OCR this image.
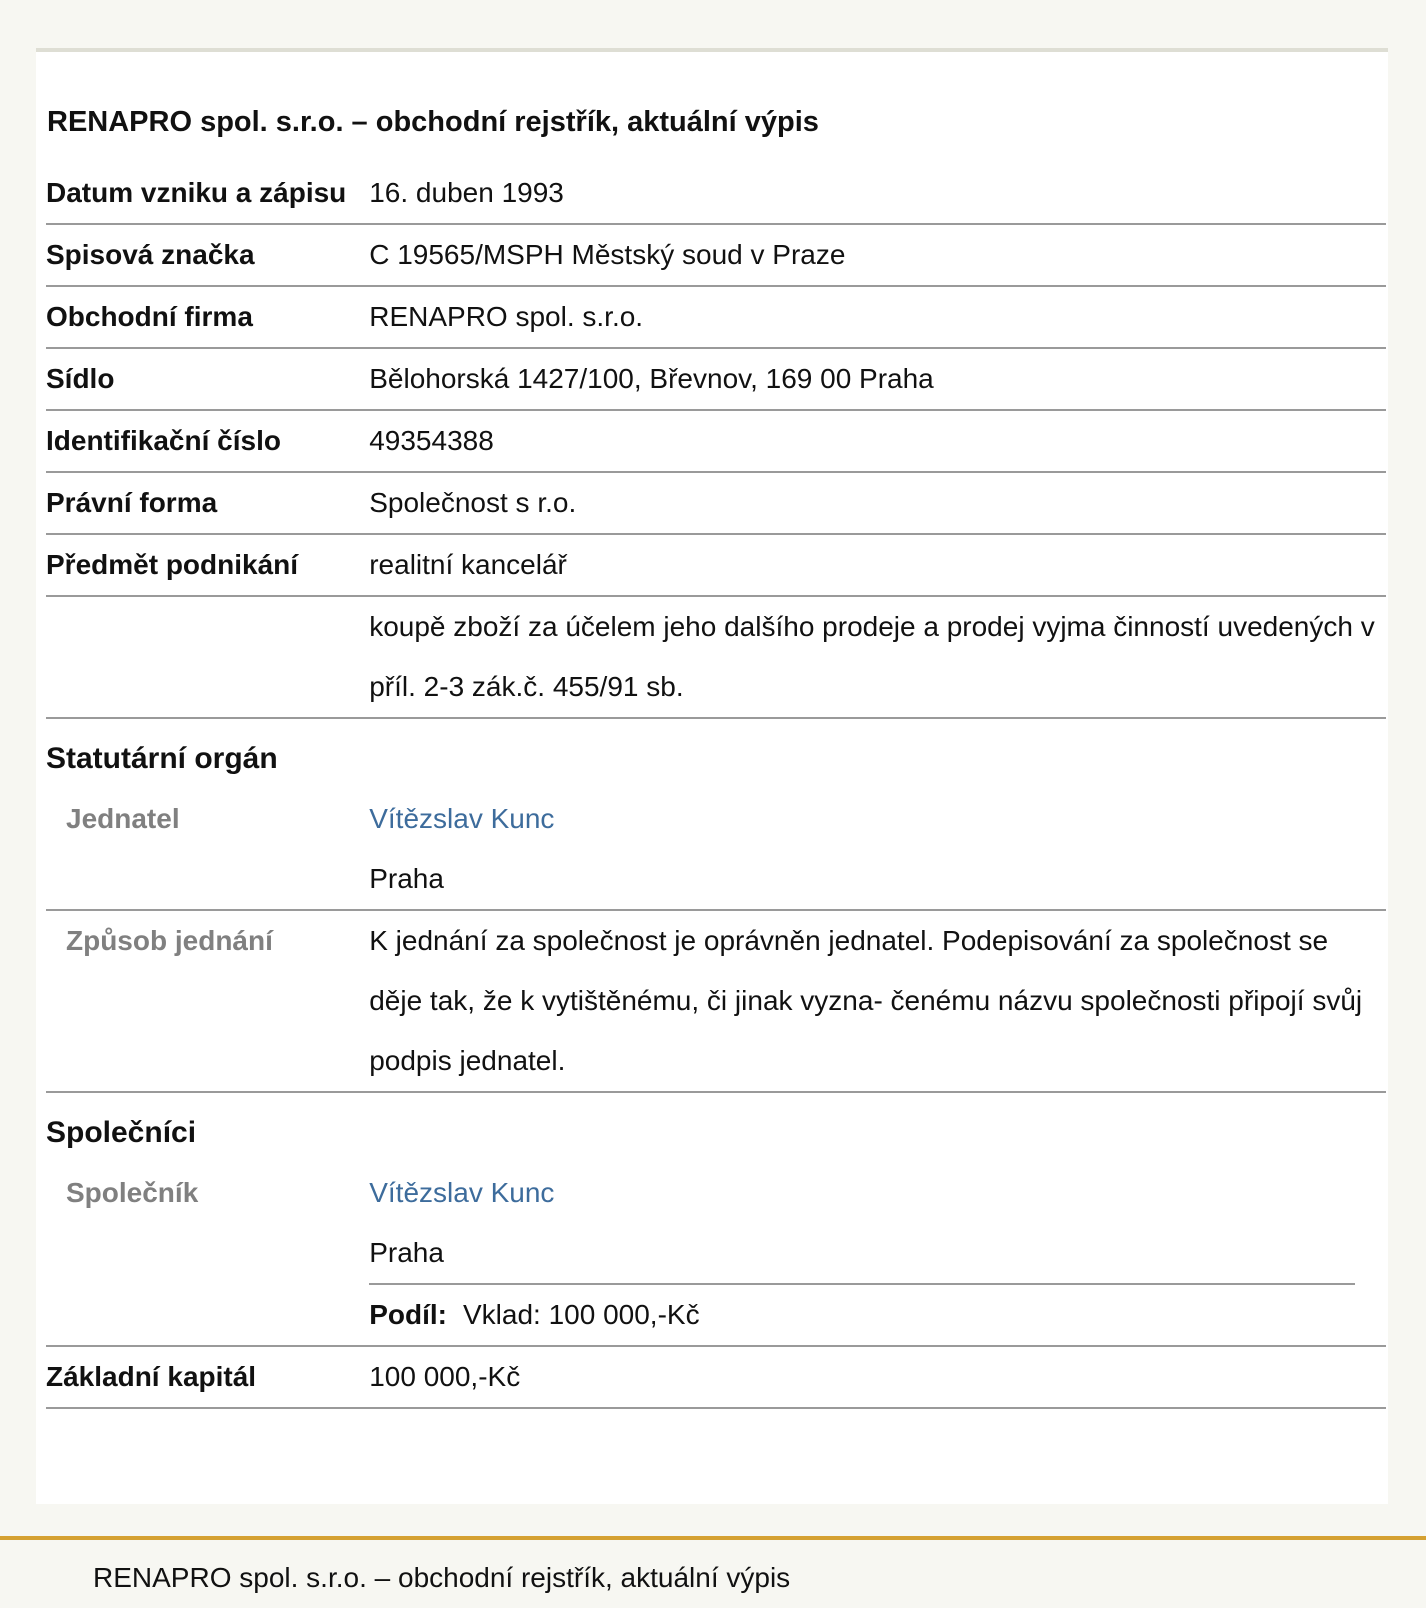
RENAPRO spol. s.r.o. – obchodní rejstřík, aktuální výpis
Datum vzniku a zápisu	16. duben 1993
Spisová značka	C 19565/MSPH Městský soud v Praze
Obchodní firma	RENAPRO spol. s.r.o.
Sídlo	Bělohorská 1427/100, Břevnov, 169 00 Praha
Identifikační číslo	49354388
Právní forma	Společnost s r.o.
Předmět podnikání	realitní kancelář
	koupě zboží za účelem jeho dalšího prodeje a prodej vyjma činností uvedených v příl. 2-3 zák.č. 455/91 sb.
Statutární orgán	
Jednatel	Vítězslav Kunc
Praha

Způsob jednání	K jednání za společnost je oprávněn jednatel. Podepisování za společnost se děje tak, že k vytištěnému, či jinak vyzna- čenému názvu společnosti připojí svůj podpis jednatel.
Společníci	
Společník	Vítězslav Kunc
Praha
Podíl: Vklad: 100 000,-Kč

Základní kapitál	100 000,-Kč
RENAPRO spol. s.r.o. – obchodní rejstřík, aktuální výpis
